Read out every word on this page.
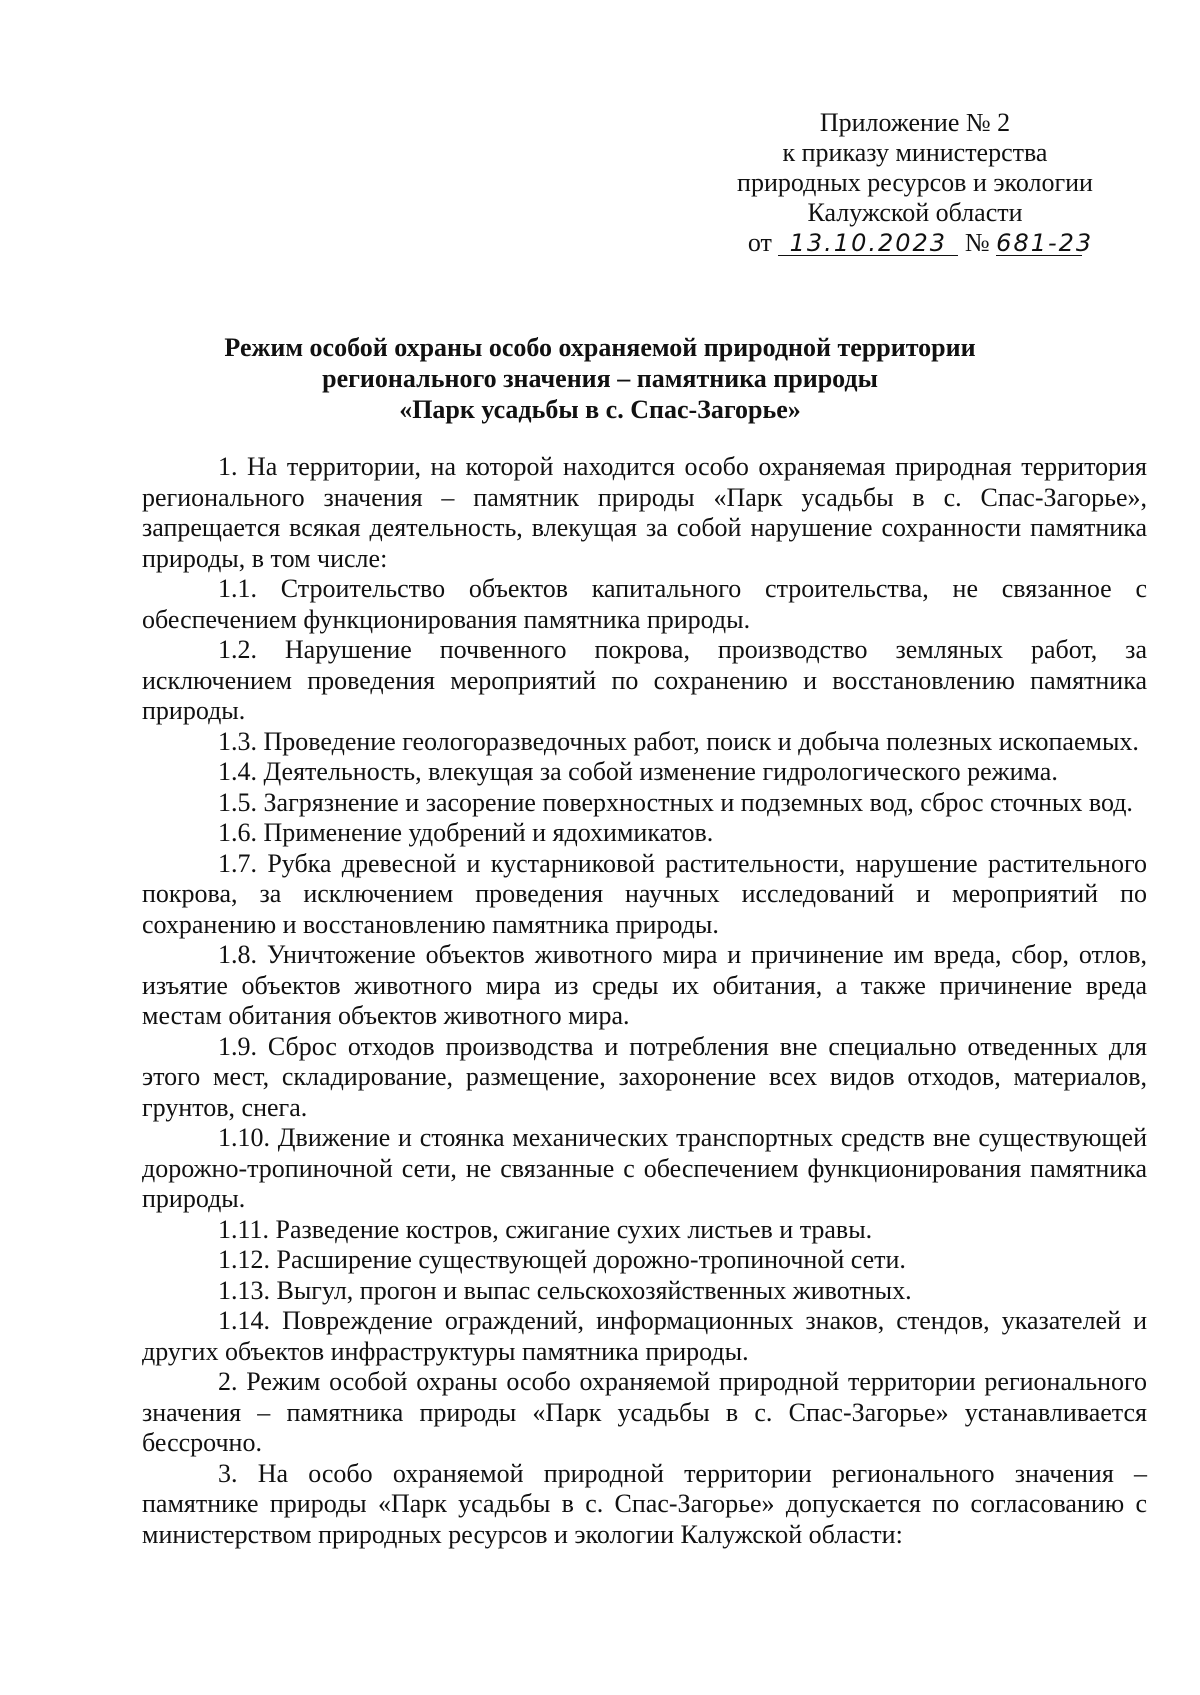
Приложение № 2
к приказу министерства
природных ресурсов и экологии
Калужской области
от 13.10.2023 № 681-23
Режим особой охраны особо охраняемой природной территории
регионального значения – памятника природы
«Парк усадьбы в с. Спас-Загорье»

1. На территории, на которой находится особо охраняемая природная территория регионального значения – памятник природы «Парк усадьбы в с. Спас-Загорье», запрещается всякая деятельность, влекущая за собой нарушение сохранности памятника природы, в том числе:

1.1. Строительство объектов капитального строительства, не связанное с обеспечением функционирования памятника природы.

1.2. Нарушение почвенного покрова, производство земляных работ, за исключением проведения мероприятий по сохранению и восстановлению памятника природы.

1.3. Проведение геологоразведочных работ, поиск и добыча полезных ископаемых.

1.4. Деятельность, влекущая за собой изменение гидрологического режима.

1.5. Загрязнение и засорение поверхностных и подземных вод, сброс сточных вод.

1.6. Применение удобрений и ядохимикатов.

1.7. Рубка древесной и кустарниковой растительности, нарушение растительного покрова, за исключением проведения научных исследований и мероприятий по сохранению и восстановлению памятника природы.

1.8. Уничтожение объектов животного мира и причинение им вреда, сбор, отлов, изъятие объектов животного мира из среды их обитания, а также причинение вреда местам обитания объектов животного мира.

1.9. Сброс отходов производства и потребления вне специально отведенных для этого мест, складирование, размещение, захоронение всех видов отходов, материалов, грунтов, снега.

1.10. Движение и стоянка механических транспортных средств вне существующей дорожно-тропиночной сети, не связанные с обеспечением функционирования памятника природы.

1.11. Разведение костров, сжигание сухих листьев и травы.

1.12. Расширение существующей дорожно-тропиночной сети.

1.13. Выгул, прогон и выпас сельскохозяйственных животных.

1.14. Повреждение ограждений, информационных знаков, стендов, указателей и других объектов инфраструктуры памятника природы.

2. Режим особой охраны особо охраняемой природной территории регионального значения – памятника природы «Парк усадьбы в с. Спас-Загорье» устанавливается бессрочно.

3. На особо охраняемой природной территории регионального значения – памятнике природы «Парк усадьбы в с. Спас-Загорье» допускается по согласованию с министерством природных ресурсов и экологии Калужской области:
